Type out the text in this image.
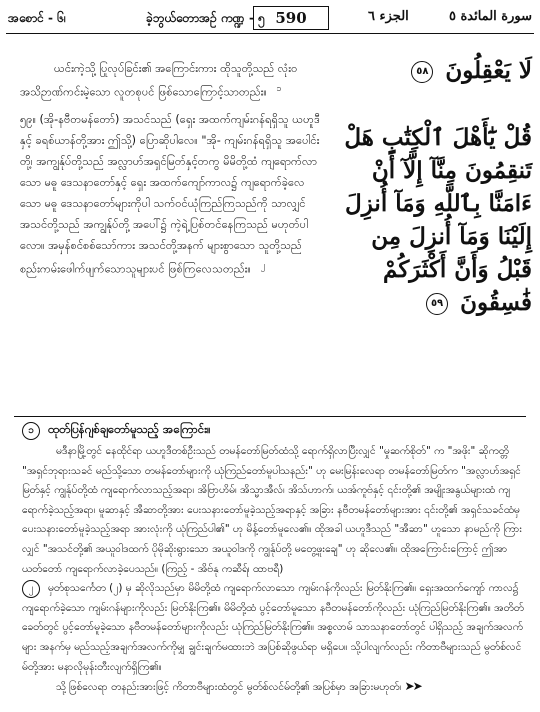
အစောင် - ၆၊	ခဲ့ဘွယ်တောအဉ် ကဏ္ဍ - ၅ 590	الجزء ٦	سورة المائدة ٥

ယင်းကဲ့သို့ ပြုလုပ်ခြင်း၏ အကြောင်းကား ထိုသူတို့သည် လုံးဝ အသိဉာဏ်ကင်းမဲ့သော လူတစုပင် ဖြစ်သောကြောင့်သာတည်း။ $^၁$

၅၉။ (အို-နဗီတမန်တော်) အသင်သည် (ရှေး အထက်ကျမ်းဂန်ရရှိသူ ယဟူဒီနှင့် ခရစ်ယာန်တို့အား ဤသို့) ပြောဆိုပါလေ။ "အို- ကျမ်းဂန်ရရှိသူ အပေါင်းတို့၊ အကျွန်ုပ်တို့သည် အလ္လာဟ်အရှင်မြတ်နှင့်တကွ မိမိတို့ထံ ကျရောက်လာသော မဓူ ဒေသနာတော်နှင့် ရှေး အထက်ကျော်ကာလ၌ ကျရောက်ခဲ့လေသော မဓူ ဒေသနာတော်များကိုပါ သက်ဝင်ယုံကြည်ကြသည်ကို သာလျှင် အသင်တို့သည် အကျွန်ုပ်တို့ အပေါ်၌ ကဲ့ရဲ့ပြစ်တင်နေကြသည် မဟုတ်ပါလော။ အမှန်စင်စစ်သော်ကား အသင်တို့အနက် များစွာသော သူတို့သည် စည်းကမ်းဖေါက်ဖျက်သောသူများပင် ဖြစ်ကြလေသတည်း။ $^၂$

لَا يَعْقِلُونَ ٥٨
قُلْ يَٰٓأَهْلَ ٱلْكِتَٰبِ هَلْ تَنقِمُونَ مِنَّآ إِلَّآ أَنْ ءَامَنَّا بِٱللَّهِ وَمَآ أُنزِلَ إِلَيْنَا وَمَآ أُنزِلَ مِن قَبْلُ وَأَنَّ أَكْثَرَكُمْ فَٰسِقُونَ ٥٩
၁ ထုတ်ပြန်ဂျစ်ချတော်မူသည့် အကြောင်း။

မဒီနာမြို့တွင် နေထိုင်ရာ ယဟူဒီတစ်ဦးသည် တမန်တော်မြတ်ထံသို့ ရောက်ရှိလာပြီးလျှင် "မှုဆက်စိုတ်" က "အဖိုး" ဆိုကတ္တိ "အရှင်ဘုရားသခင် မည်သို့သော တမန်တော်များကို ယုံကြည်တော်မူပါသနည်း" ဟု မေးမြန်းလေရာ တမန်တော်မြတ်က "အလ္လာဟ်အရှင်မြတ်နှင့် ကျွန်ုပ်တို့ထံ ကျရောက်လာသည့်အရာ၊ အိဗြာဟိမ်၊ အိသ္မာအီလ်၊ အိသ်ဟာက်၊ ယအ်ကူဗ်နှင့် ၎င်းတို့၏ အမျိုးအနွယ်များထံ ကျရောက်ခဲ့သည့်အရာ၊ မူဆာနှင့် အီဆာတို့အား ပေးသနားတော်မူခဲ့သည့်အရာနှင့် အခြား နဗီတမန်တော်များအား ၎င်းတို့၏ အရှင်သခင်ထံမှ ပေးသနားတော်မူခဲ့သည့်အရာ အားလုံးကို ယုံကြည်ပါ၏" ဟု မိန့်တော်မူလေ၏။ ထိုအခါ ယဟူဒီသည် "အီဆာ" ဟူသော နာမည်ကို ကြားလျှင် "အသင်တို့၏ အယူဝါဒထက် ပိုမိုဆိုးရွားသော အယူဝါဒကို ကျွန်ုပ်တို့ မတွေ့ဖူးချေ" ဟု ဆိုလေ၏။ ထိုအကြောင်းကြောင့် ဤအာယတ်တော် ကျရောက်လာခဲ့ပေသည်။ (ကြည့် - အိဗ်နု ကဆီရ်၊ ထာဗရီ)

၂ မှတ်စုသင်္ကေတ (၂) မှ ဆိုလိုသည်မှာ မိမိတို့ထံ ကျရောက်လာသော ကျမ်းဂန်ကိုလည်း မြတ်နိုးကြ၏။ ရှေးအထက်ကျော် ကာလ၌ ကျရောက်ခဲ့သော ကျမ်းဂန်များကိုလည်း မြတ်နိုးကြ၏။ မိမိတို့ထံ ပွင့်တော်မူသော နဗီတမန်တော်ကိုလည်း ယုံကြည်မြတ်နိုးကြ၏။ အတိတ်ခေတ်တွင် ပွင့်တော်မူခဲ့သော နဗီတမန်တော်များကိုလည်း ယုံကြည်မြတ်နိုးကြ၏။ အစ္စလာမ် သာသနာတော်တွင် ပါရှိသည့် အချက်အလက်များ အနက်မှ မည်သည့်အချက်အလက်ကိုမျှ ချွင်းချက်မထားဘဲ အပြစ်ဆိုဖွယ်ရာ မရှိပေ။ သို့ပါလျက်လည်း ကိတာဗီများသည် မွတ်စ်လင်မ်တို့အား မနာလိုမုန်းတီးလျက်ရှိကြ၏။

သို့ဖြစ်လေရာ တနည်းအားဖြင့် ကိတာဗီများထံတွင် မွတ်စ်လင်မ်တို့၏ အပြစ်မှာ အခြားမဟုတ်၊ ➤➤
